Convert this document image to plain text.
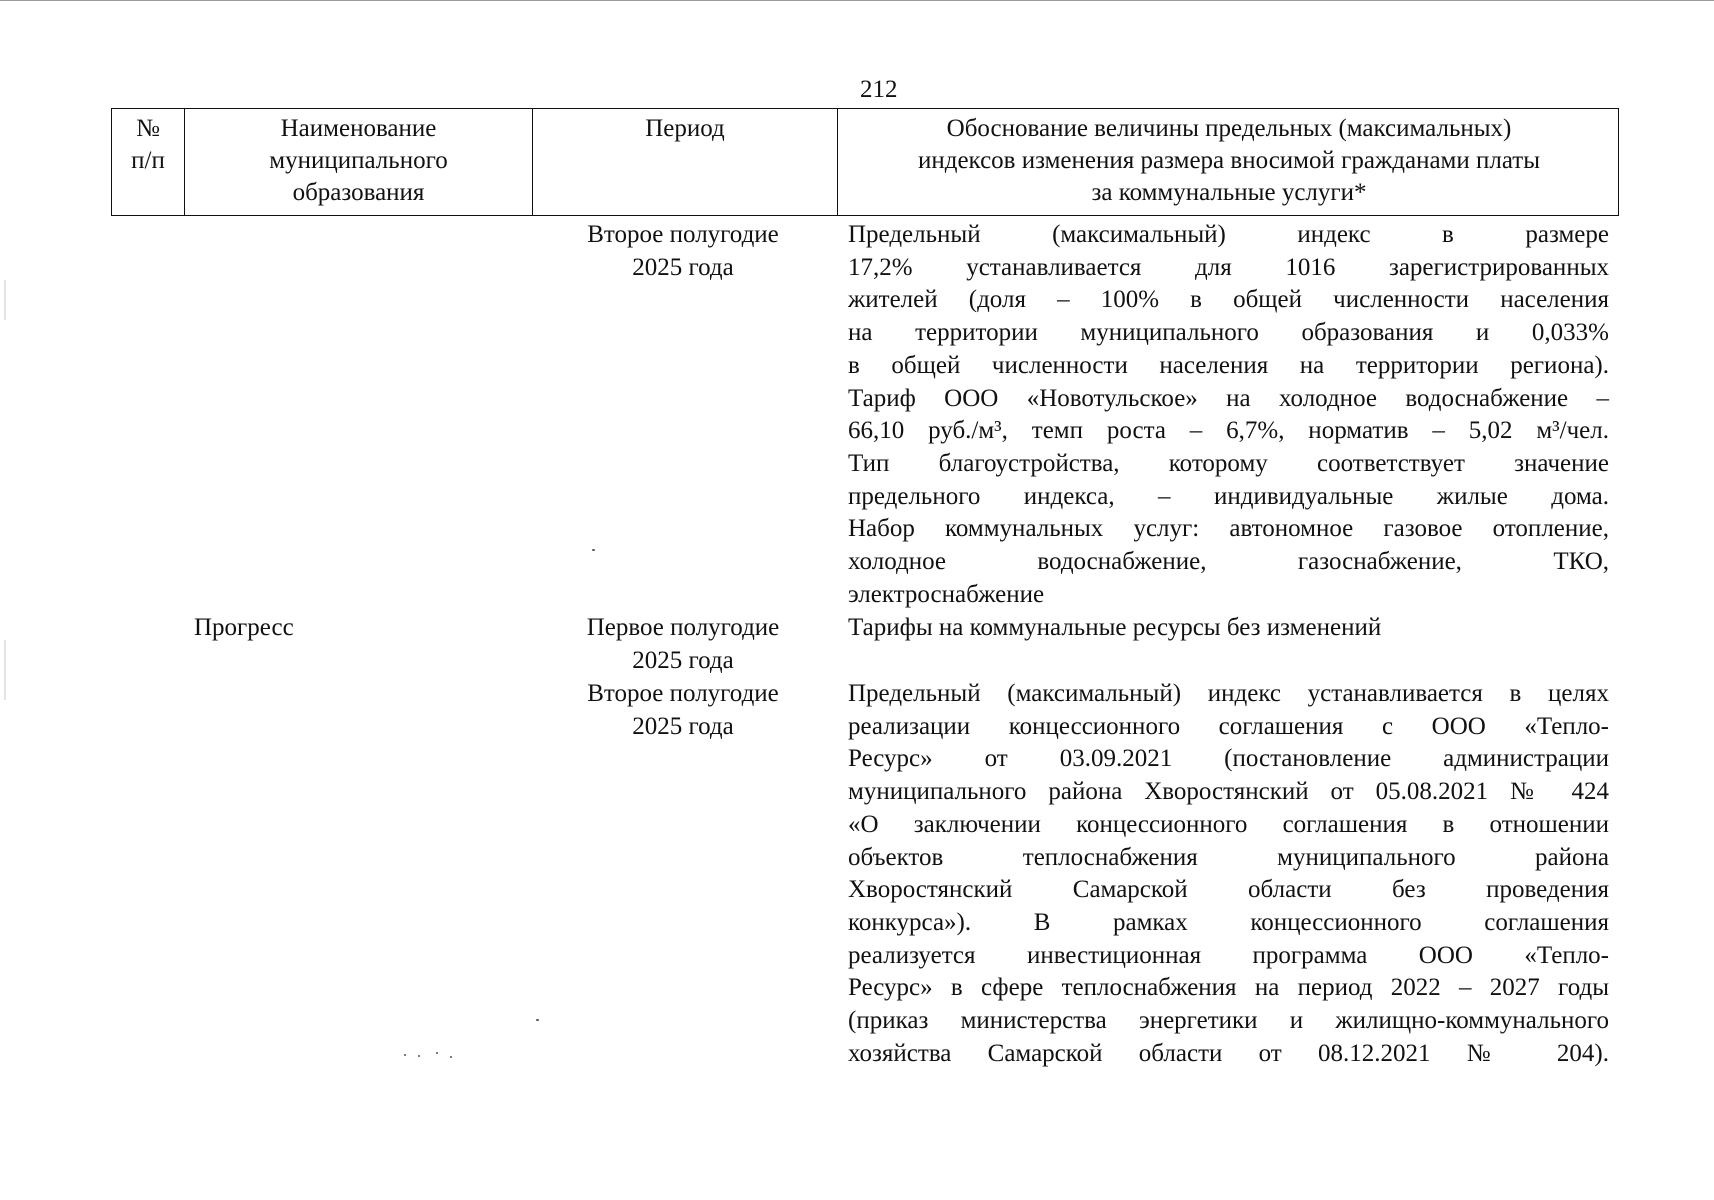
212
№
п/п
Наименование
муниципального
образования
Период	Обоснование величины предельных (максимальных)
индексов изменения размера вносимой гражданами платы
за коммунальные услуги*
Второе полугодие
2025 года
Предельный (максимальный) индекс в размере
17,2% устанавливается для 1016 зарегистрированных
жителей (доля – 100% в общей численности населения
на территории муниципального образования и 0,033%
в общей численности населения на территории региона).
Тариф ООО «Новотульское» на холодное водоснабжение –
66,10 руб./м³, темп роста – 6,7%, норматив – 5,02 м³/чел.
Тип благоустройства, которому соответствует значение
предельного индекса, – индивидуальные жилые дома.
Набор коммунальных услуг: автономное газовое отопление,
холодное водоснабжение, газоснабжение, ТКО,
электроснабжение
Прогресс	Первое полугодие
2025 года
Тарифы на коммунальные ресурсы без изменений
Второе полугодие
2025 года
Предельный (максимальный) индекс устанавливается в целях
реализации концессионного соглашения с ООО «Тепло-
Ресурс» от 03.09.2021 (постановление администрации
муниципального района Хворостянский от 05.08.2021 № 424
«О заключении концессионного соглашения в отношении
объектов теплоснабжения муниципального района
Хворостянский Самарской области без проведения
конкурса»). В рамках концессионного соглашения
реализуется инвестиционная программа ООО «Тепло-
Ресурс» в сфере теплоснабжения на период 2022 – 2027 годы
(приказ министерства энергетики и жилищно-коммунального
хозяйства Самарской области от 08.12.2021 № 204).
